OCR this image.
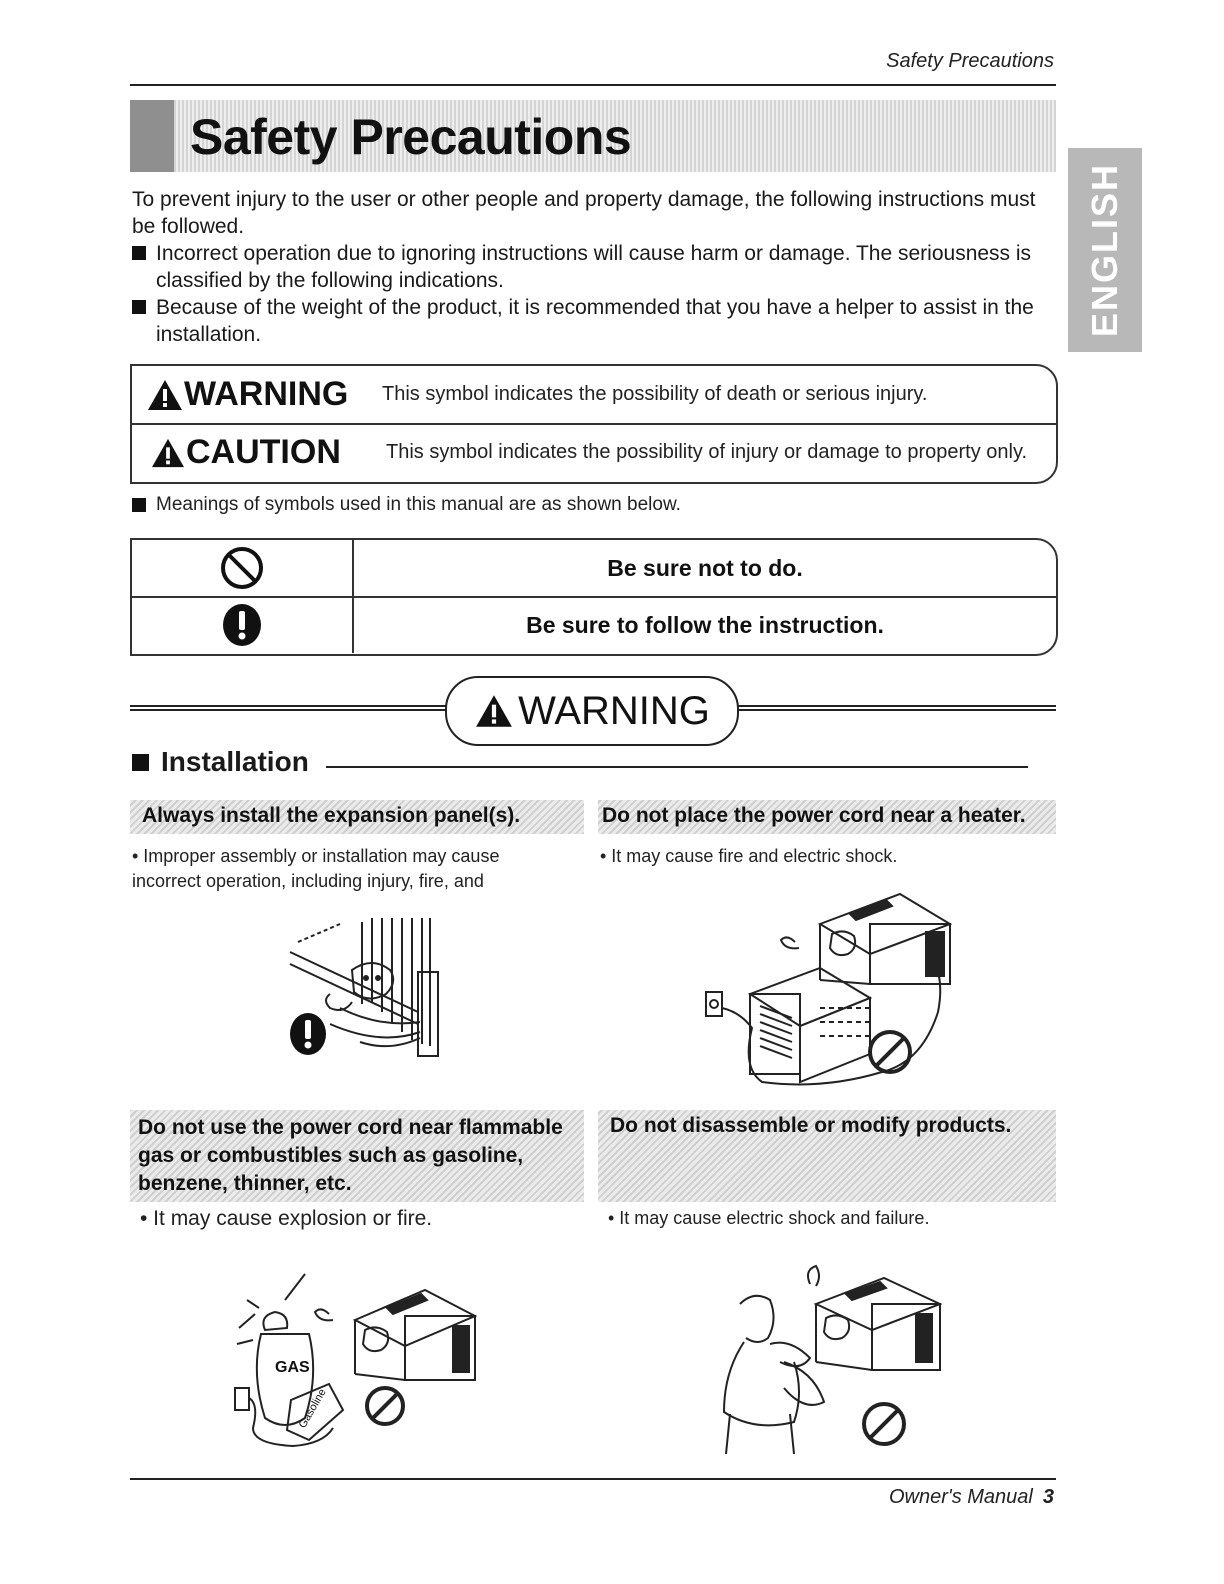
Safety Precautions
Safety Precautions
ENGLISH

To prevent injury to the user or other people and property damage, the following instructions must be followed.

Incorrect operation due to ignoring instructions will cause harm or damage. The seriousness is classified by the following indications.

Because of the weight of the product, it is recommended that you have a helper to assist in the installation.

WARNING This symbol indicates the possibility of death or serious injury.
CAUTION This symbol indicates the possibility of injury or damage to property only.
Meanings of symbols used in this manual are as shown below.
Be sure not to do.
Be sure to follow the instruction.
WARNING
Installation
Always install the expansion panel(s).
• Improper assembly or installation may cause incorrect operation, including injury, fire, and
Do not place the power cord near a heater.
• It may cause fire and electric shock.
Do not use the power cord near flammable gas or combustibles such as gasoline, benzene, thinner, etc.
• It may cause explosion or fire.
GAS
Gasoline
Do not disassemble or modify products.
• It may cause electric shock and failure.
Owner's Manual 3
